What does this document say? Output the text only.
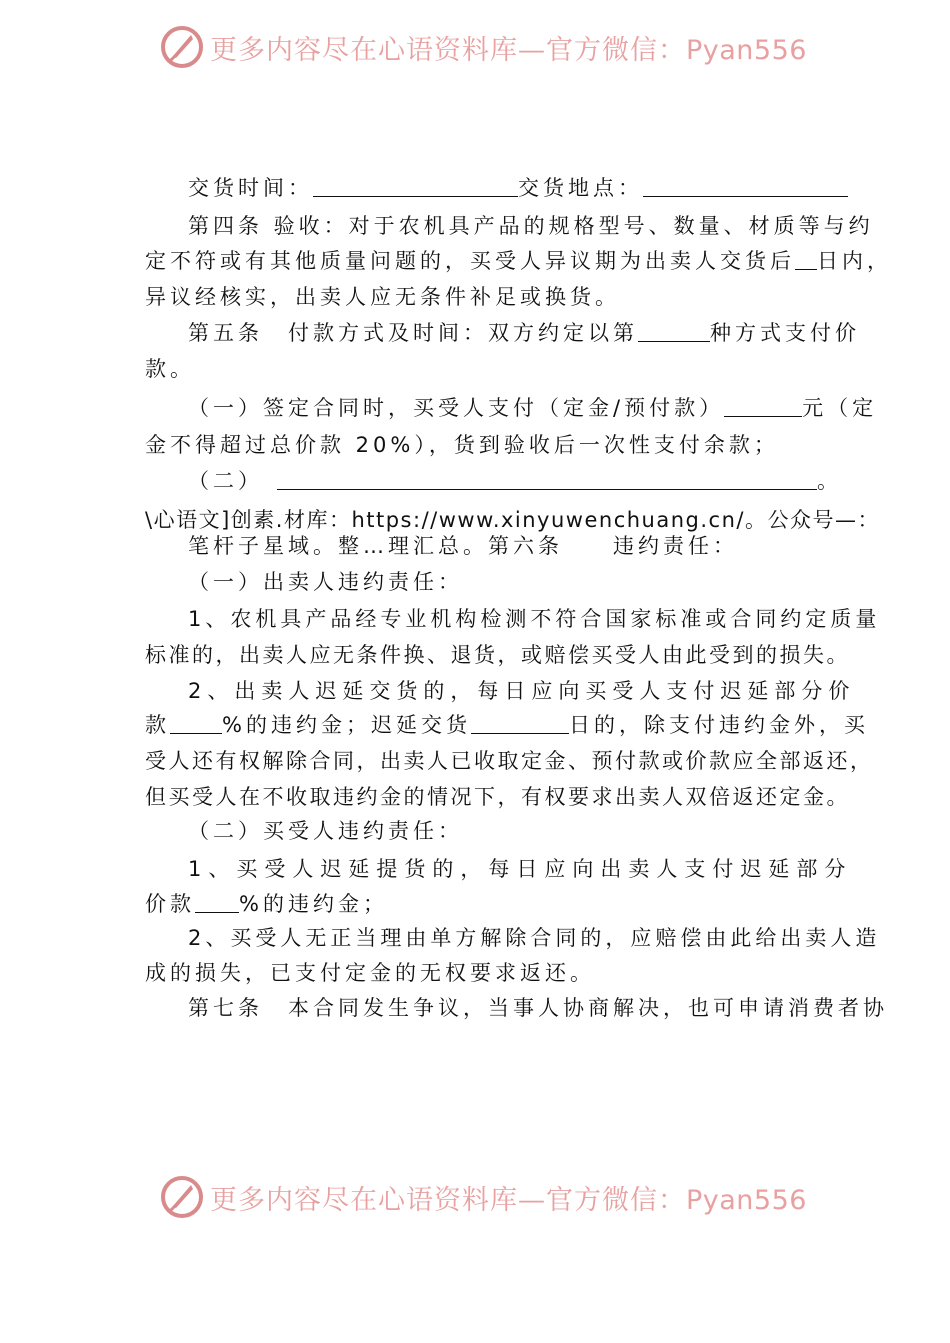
更多内容尽在心语资料库—官方微信：Pyan556
交货时间：	交货地点：
第四条 验收：对于农机具产品的规格型号、数量、材质等与约
定不符或有其他质量问题的，买受人异议期为出卖人交货后 日内，
异议经核实，出卖人应无条件补足或换货。
第五条　付款方式及时间：双方约定以第	种方式支付价
款。
（一）签定合同时，买受人支付（定金/预付款）	元（定
金不得超过总价款 20%），货到验收后一次性支付余款；
（二）	。
\心语文]创素.材库：https://www.xinyuwenchuang.cn/。公众号—：
笔杆子星域。整…理汇总。第六条　　违约责任：
（一）出卖人违约责任：
1、农机具产品经专业机构检测不符合国家标准或合同约定质量
标准的，出卖人应无条件换、退货，或赔偿买受人由此受到的损失。
2、出卖人迟延交货的，每日应向买受人支付迟延部分价
款 %的违约金；迟延交货	日的，除支付违约金外，买
受人还有权解除合同，出卖人已收取定金、预付款或价款应全部返还，
但买受人在不收取违约金的情况下，有权要求出卖人双倍返还定金。
（二）买受人违约责任：
1、买受人迟延提货的，每日应向出卖人支付迟延部分
价款 %的违约金；
2、买受人无正当理由单方解除合同的，应赔偿由此给出卖人造
成的损失，已支付定金的无权要求返还。
第七条　本合同发生争议，当事人协商解决，也可申请消费者协
更多内容尽在心语资料库—官方微信：Pyan556
